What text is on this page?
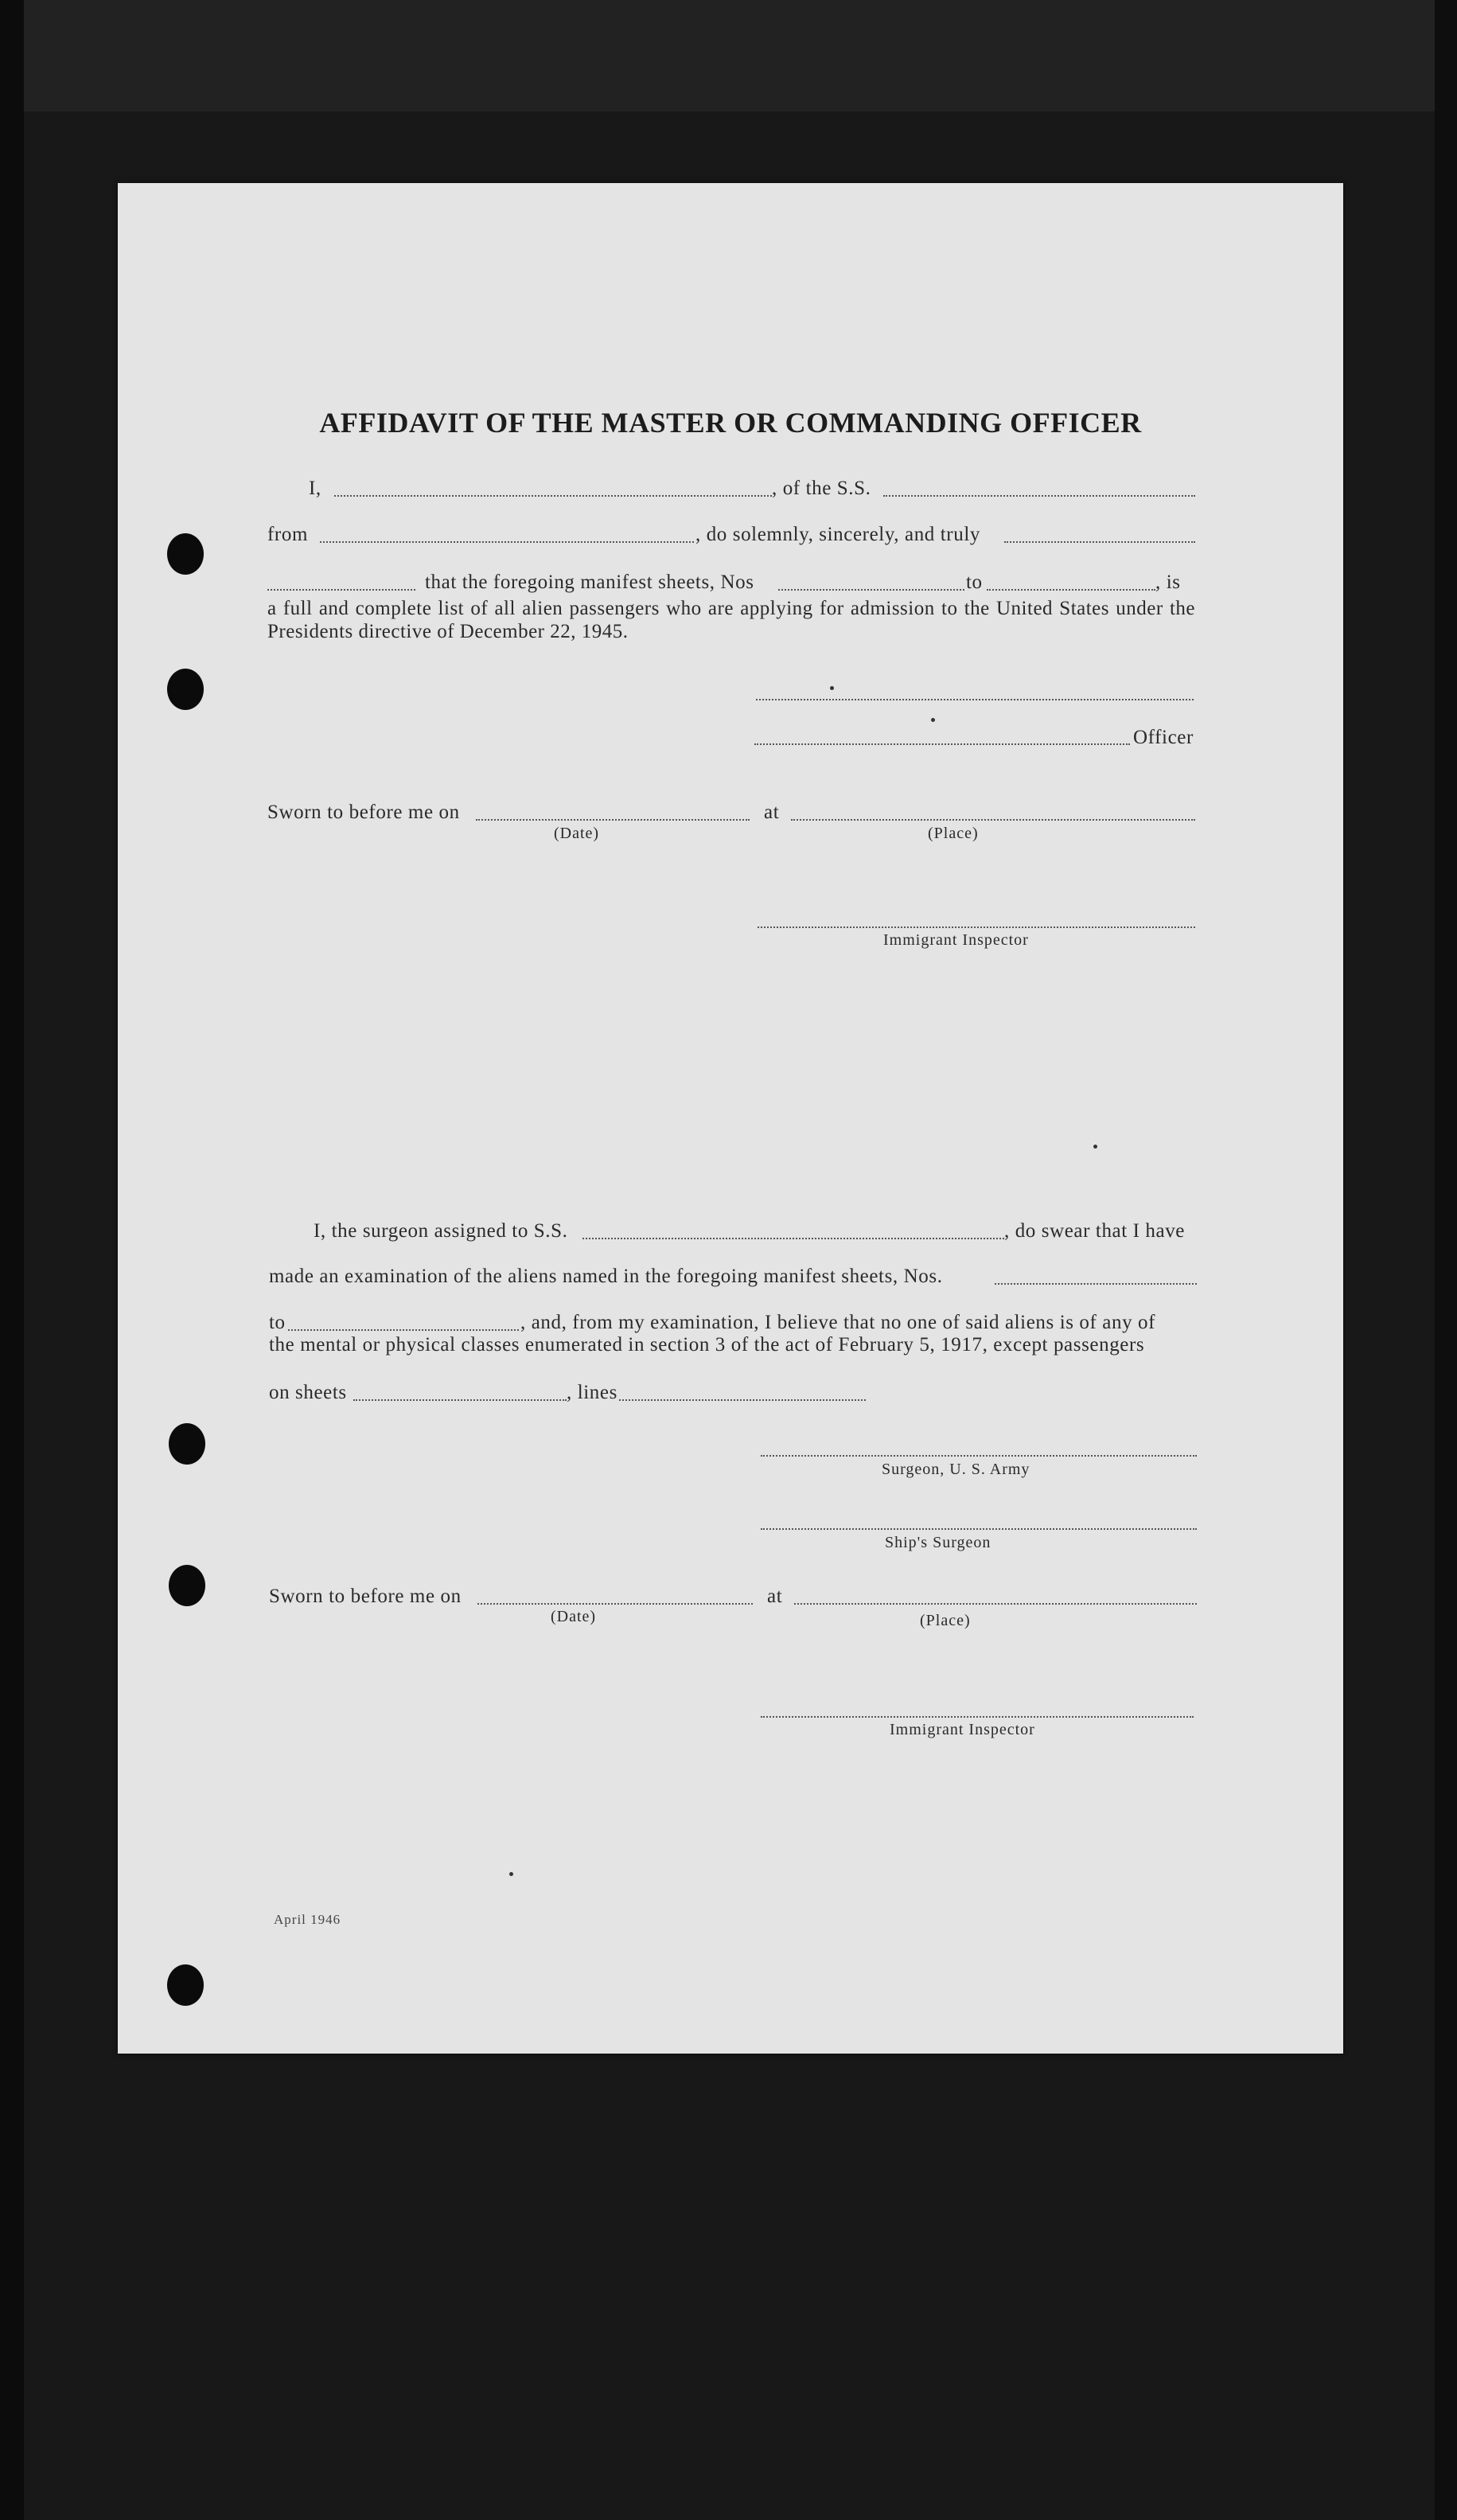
AFFIDAVIT OF THE MASTER OR COMMANDING OFFICER
I,	, of the S.S.
from	, do solemnly, sincerely, and truly
that the foregoing manifest sheets, Nos	to	, is
a full and complete list of all alien passengers who are applying for admission to the United States under the Presidents directive of December 22, 1945.
Officer
Sworn to before me on	at
(Date)	(Place)
Immigrant Inspector
I, the surgeon assigned to S.S.	, do swear that I have
made an examination of the aliens named in the foregoing manifest sheets, Nos.
to	, and, from my examination, I believe that no one of said aliens is of any of
the mental or physical classes enumerated in section 3 of the act of February 5, 1917, except passengers
on sheets	, lines
Surgeon, U. S. Army
Ship's Surgeon
Sworn to before me on	at
(Date)	(Place)
Immigrant Inspector
April 1946
